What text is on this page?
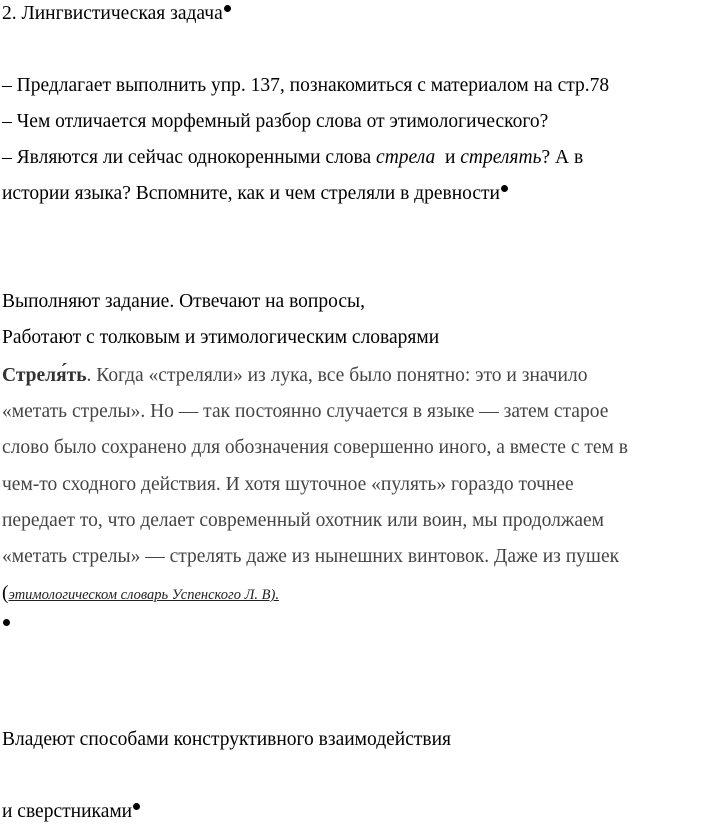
2. Лингвистическая задача
– Предлагает выполнить упр. 137, познакомиться с материалом на стр.78
– Чем отличается морфемный разбор слова от этимологического?
– Являются ли сейчас однокоренными слова стрела  и стрелять? А в
истории языка? Вспомните, как и чем стреляли в древности
Выполняют задание. Отвечают на вопросы,
Работают с толковым и этимологическим словарями
Стреля́ть. Когда «стреляли» из лука, все было понятно: это и значило
«метать стрелы». Но — так постоянно случается в языке — затем старое
слово было сохранено для обозначения совершенно иного, а вместе с тем в
чем-то сходного действия. И хотя шуточное «пулять» гораздо точнее
передает то, что делает современный охотник или воин, мы продолжаем
«метать стрелы» — стрелять даже из нынешних винтовок. Даже из пушек
(этимологическом словарь Успенского Л. В).
Владеют способами конструктивного взаимодействия
и сверстниками
